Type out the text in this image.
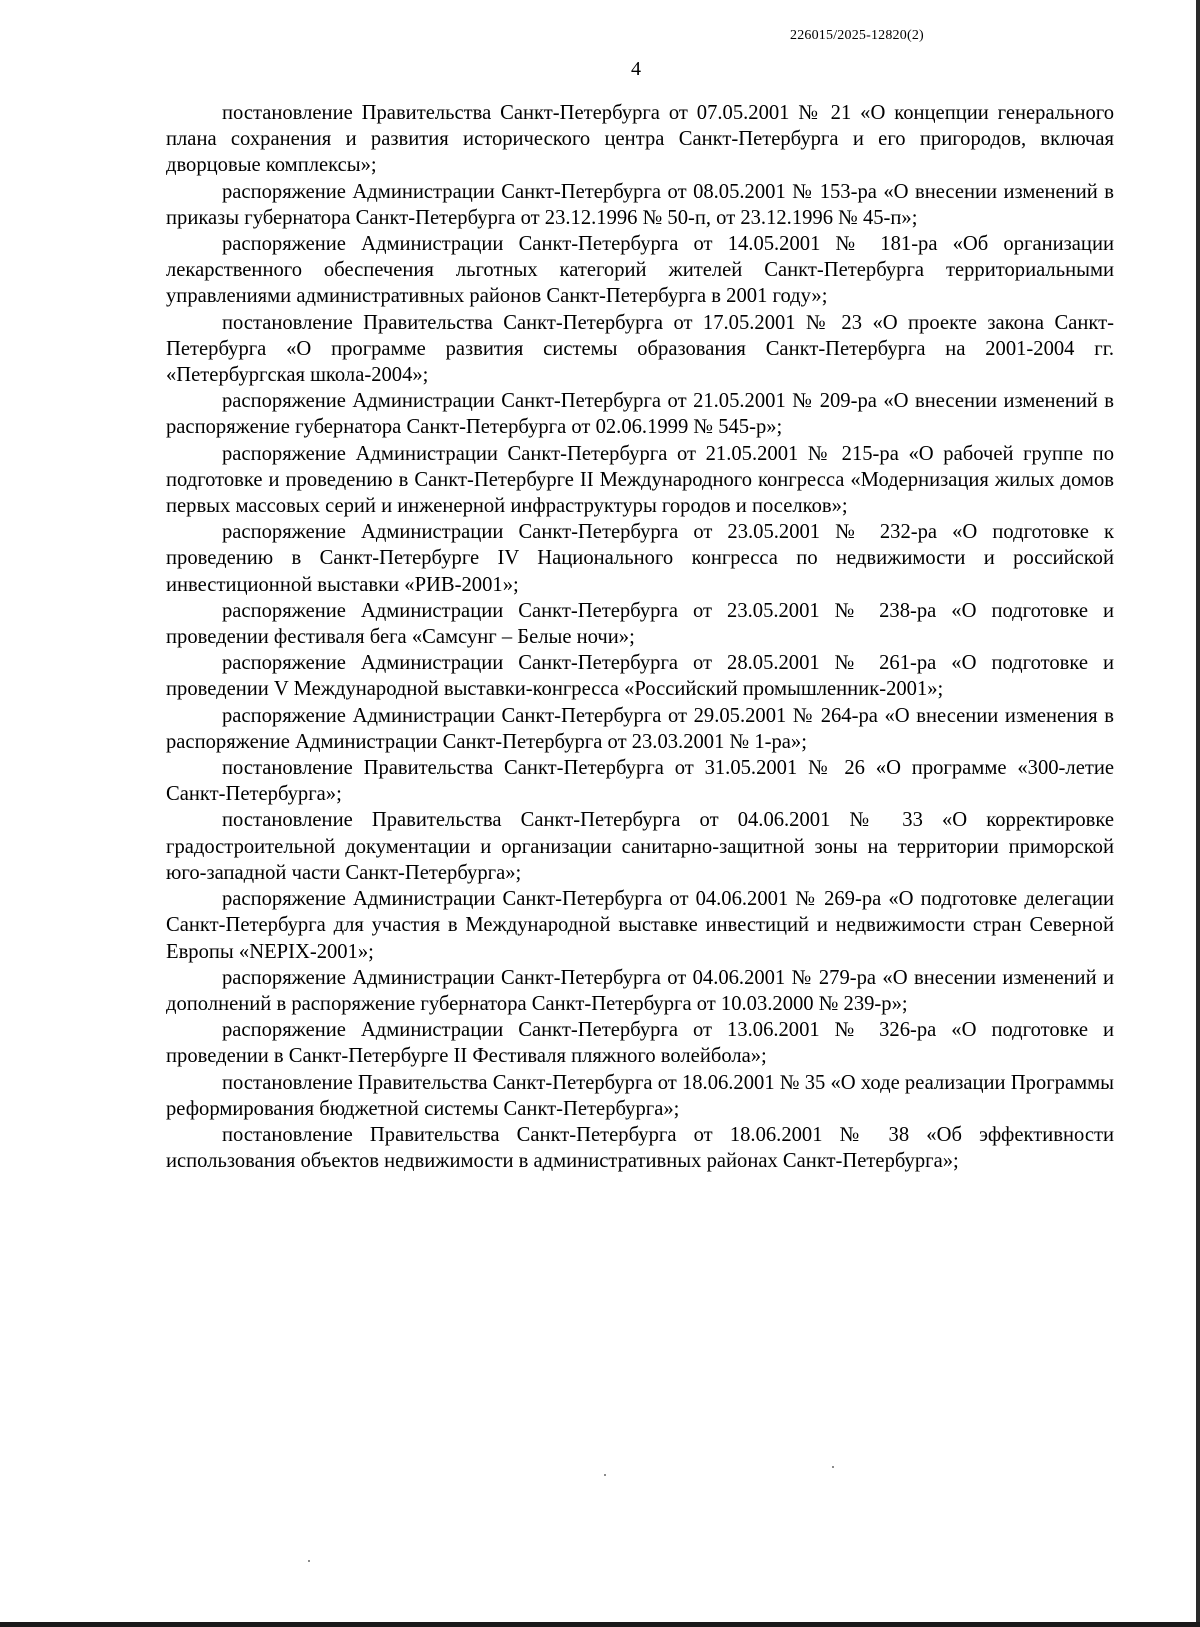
226015/2025-12820(2)
4

постановление Правительства Санкт-Петербурга от 07.05.2001 № 21 «О концепции генерального плана сохранения и развития исторического центра Санкт-Петербурга и его пригородов, включая дворцовые комплексы»;

распоряжение Администрации Санкт-Петербурга от 08.05.2001 № 153-ра «О внесении изменений в приказы губернатора Санкт-Петербурга от 23.12.1996 № 50-п, от 23.12.1996 № 45-п»;

распоряжение Администрации Санкт-Петербурга от 14.05.2001 № 181-ра «Об организации лекарственного обеспечения льготных категорий жителей Санкт-Петербурга территориальными управлениями административных районов Санкт-Петербурга в 2001 году»;

постановление Правительства Санкт-Петербурга от 17.05.2001 № 23 «О проекте закона Санкт-Петербурга «О программе развития системы образования Санкт-Петербурга на 2001-2004 гг. «Петербургская школа-2004»;

распоряжение Администрации Санкт-Петербурга от 21.05.2001 № 209-ра «О внесении изменений в распоряжение губернатора Санкт-Петербурга от 02.06.1999 № 545-р»;

распоряжение Администрации Санкт-Петербурга от 21.05.2001 № 215-ра «О рабочей группе по подготовке и проведению в Санкт-Петербурге II Международного конгресса «Модернизация жилых домов первых массовых серий и инженерной инфраструктуры городов и поселков»;

распоряжение Администрации Санкт-Петербурга от 23.05.2001 № 232-ра «О подготовке к проведению в Санкт-Петербурге IV Национального конгресса по недвижимости и российской инвестиционной выставки «РИВ-2001»;

распоряжение Администрации Санкт-Петербурга от 23.05.2001 № 238-ра «О подготовке и проведении фестиваля бега «Самсунг – Белые ночи»;

распоряжение Администрации Санкт-Петербурга от 28.05.2001 № 261-ра «О подготовке и проведении V Международной выставки-конгресса «Российский промышленник-2001»;

распоряжение Администрации Санкт-Петербурга от 29.05.2001 № 264-ра «О внесении изменения в распоряжение Администрации Санкт-Петербурга от 23.03.2001 № 1-ра»;

постановление Правительства Санкт-Петербурга от 31.05.2001 № 26 «О программе «300-летие Санкт-Петербурга»;

постановление Правительства Санкт-Петербурга от 04.06.2001 № 33 «О корректировке градостроительной документации и организации санитарно-защитной зоны на территории приморской юго-западной части Санкт-Петербурга»;

распоряжение Администрации Санкт-Петербурга от 04.06.2001 № 269-ра «О подготовке делегации Санкт-Петербурга для участия в Международной выставке инвестиций и недвижимости стран Северной Европы «NEPIX-2001»;

распоряжение Администрации Санкт-Петербурга от 04.06.2001 № 279-ра «О внесении изменений и дополнений в распоряжение губернатора Санкт-Петербурга от 10.03.2000 № 239-р»;

распоряжение Администрации Санкт-Петербурга от 13.06.2001 № 326-ра «О подготовке и проведении в Санкт-Петербурге II Фестиваля пляжного волейбола»;

постановление Правительства Санкт-Петербурга от 18.06.2001 № 35 «О ходе реализации Программы реформирования бюджетной системы Санкт-Петербурга»;

постановление Правительства Санкт-Петербурга от 18.06.2001 № 38 «Об эффективности использования объектов недвижимости в административных районах Санкт-Петербурга»;
